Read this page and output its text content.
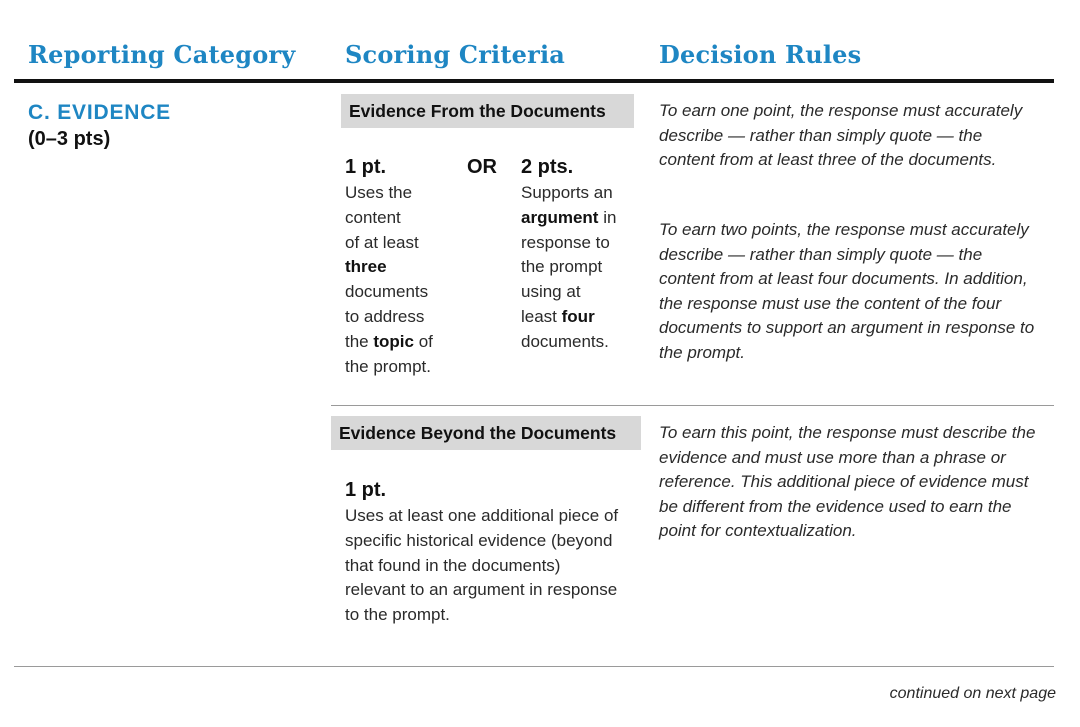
Reporting Category Scoring Criteria	Decision Rules
C. EVIDENCE
(0–3 pts)
Evidence From the Documents
1 pt.	OR 2 pts.
Uses the
content
of at least
three
documents
to address
the topic of
the prompt.
Supports an
argument in
response to
the prompt
using at
least four
documents.
To earn one point, the response must accurately describe — rather than simply quote — the content from at least three of the documents.
To earn two points, the response must accurately describe — rather than simply quote — the content from at least four documents. In addition, the response must use the content of the four documents to support an argument in response to the prompt.
Evidence Beyond the Documents
1 pt.
Uses at least one additional piece of specific historical evidence (beyond that found in the documents) relevant to an argument in response to the prompt.
To earn this point, the response must describe the evidence and must use more than a phrase or reference. This additional piece of evidence must be different from the evidence used to earn the point for contextualization.
continued on next page
